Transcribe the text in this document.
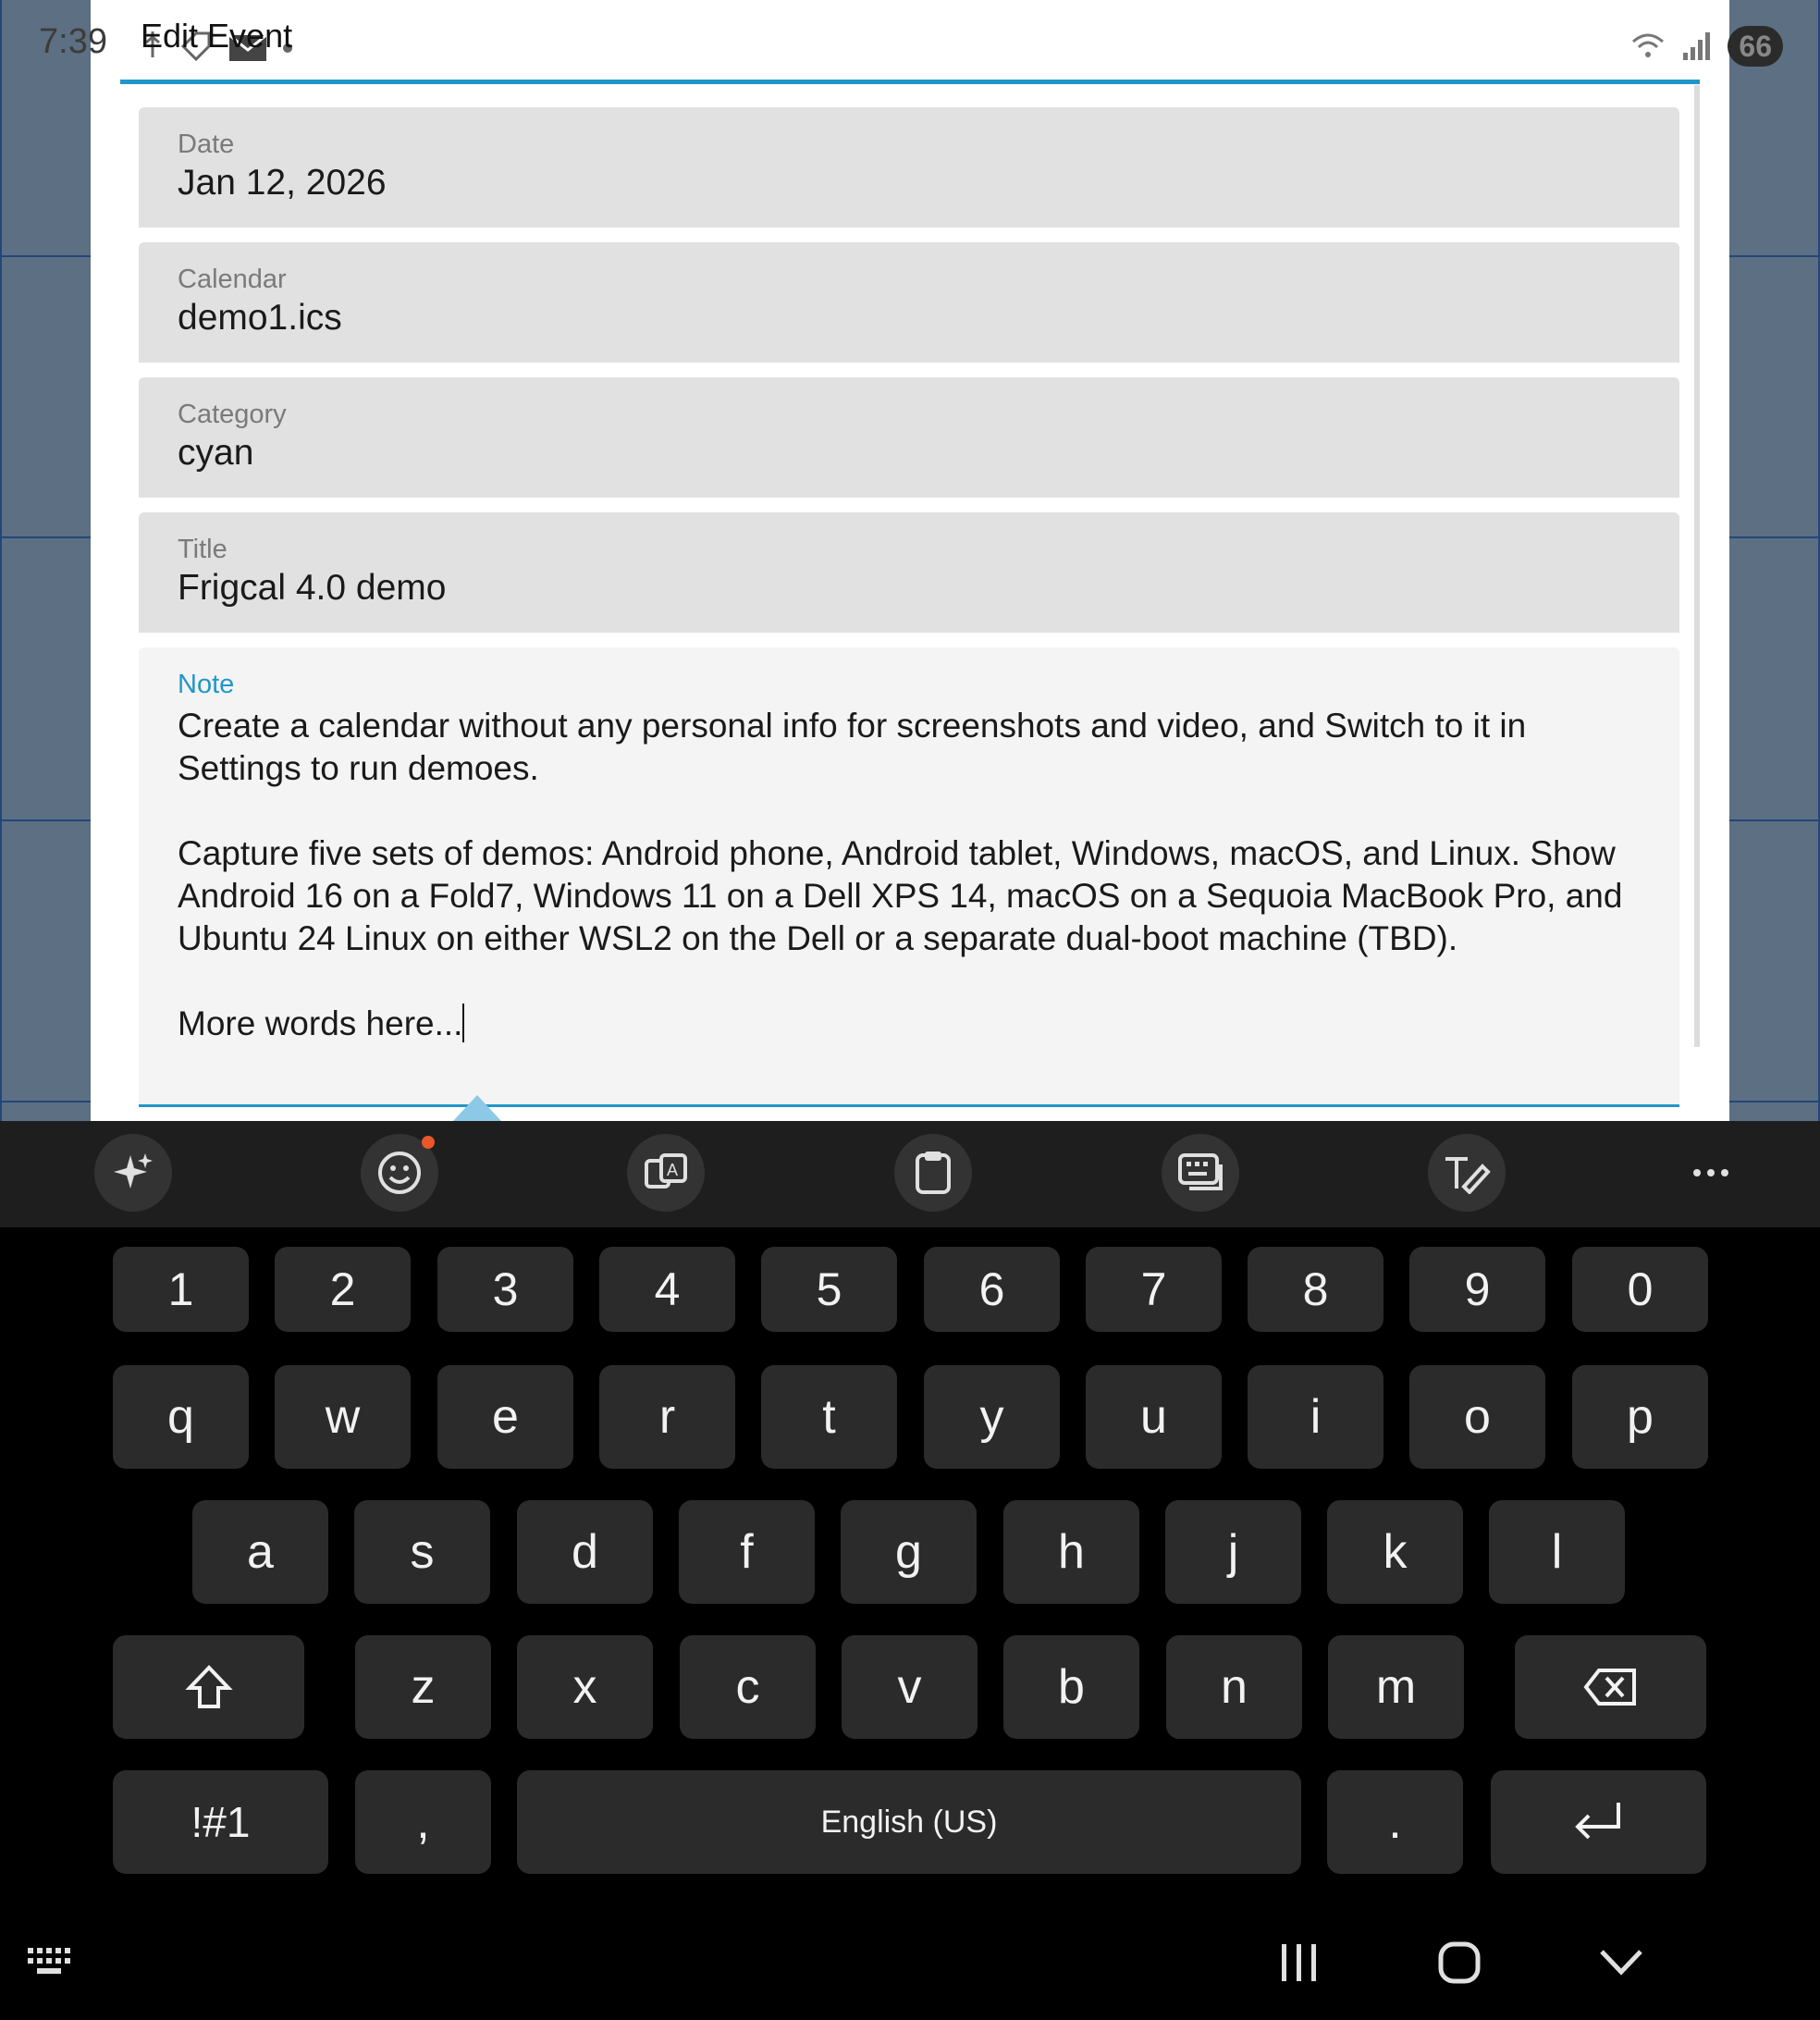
Edit Event
Date
Jan 12, 2026
Calendar
demo1.ics
Category
cyan
Title
Frigcal 4.0 demo
Note

Create a calendar without any personal info for screenshots and video, and Switch to it in Settings to run demoes.

Capture five sets of demos: Android phone, Android tablet, Windows, macOS, and Linux. Show Android 16 on a Fold7, Windows 11 on a Dell XPS 14, macOS on a Sequoia MacBook Pro, and Ubuntu 24 Linux on either WSL2 on the Dell or a separate dual-boot machine (TBD).

More words here...

7:39	66
A
1	2	3	4	5	6	7	8	9	0
q	w	e	r	t	y	u	i	o	p
a	s	d	f	g	h	j	k	l
z	x	c	v	b	n	m
!#1	,	English (US)	.
